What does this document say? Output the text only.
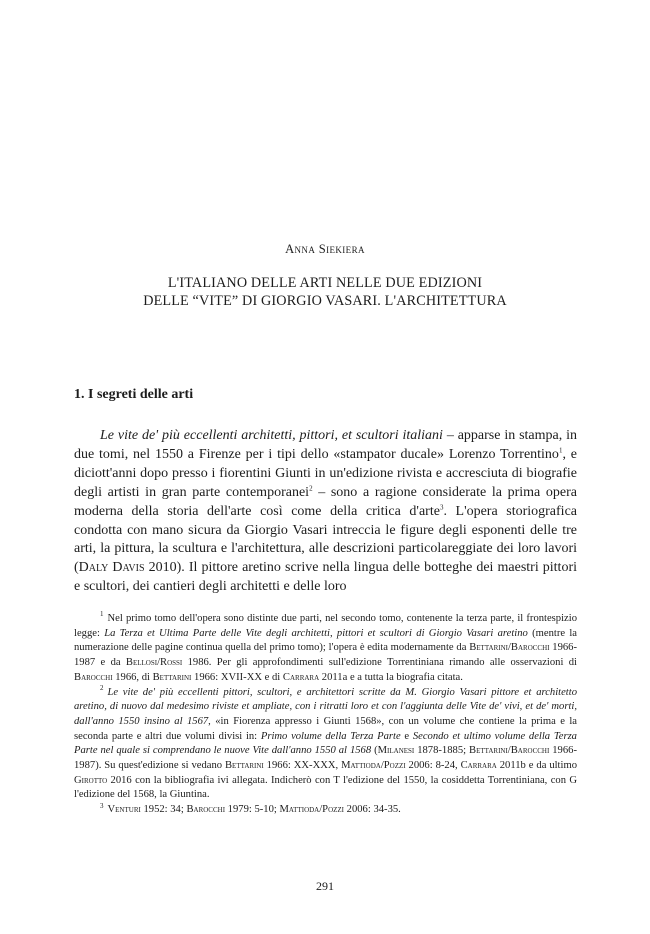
Anna Siekiera
L'ITALIANO DELLE ARTI NELLE DUE EDIZIONI
DELLE “VITE” DI GIORGIO VASARI. L'ARCHITETTURA
1. I segreti delle arti

Le vite de' più eccellenti architetti, pittori, et scultori italiani – apparse in stampa, in due tomi, nel 1550 a Firenze per i tipi dello «stampator ducale» Lorenzo Torrentino$^1$, e diciott'anni dopo presso i fiorentini Giunti in un'edizione rivista e accresciuta di biografie degli artisti in gran parte contemporanei$^2$ – sono a ragione considerate la prima opera moderna della storia dell'arte così come della critica d'arte$^3$. L'opera storiografica condotta con mano sicura da Giorgio Vasari intreccia le figure degli esponenti delle tre arti, la pittura, la scultura e l'architettura, alle descrizioni particolareggiate dei loro lavori (Daly Davis 2010). Il pittore aretino scrive nella lingua delle botteghe dei maestri pittori e scultori, dei cantieri degli architetti e delle loro

$^1$ Nel primo tomo dell'opera sono distinte due parti, nel secondo tomo, contenente la terza parte, il frontespizio legge: La Terza et Ultima Parte delle Vite degli architetti, pittori et scultori di Giorgio Vasari aretino (mentre la numerazione delle pagine continua quella del primo tomo); l'opera è edita modernamente da Bettarini/Barocchi 1966-1987 e da Bellosi/Rossi 1986. Per gli approfondimenti sull'edizione Torrentiniana rimando alle osservazioni di Barocchi 1966, di Bettarini 1966: XVII-XX e di Carrara 2011a e a tutta la biografia citata.

$^2$ Le vite de' più eccellenti pittori, scultori, e architettori scritte da M. Giorgio Vasari pittore et architetto aretino, di nuovo dal medesimo riviste et ampliate, con i ritratti loro et con l'aggiunta delle Vite de' vivi, et de' morti, dall'anno 1550 insino al 1567, «in Fiorenza appresso i Giunti 1568», con un volume che contiene la prima e la seconda parte e altri due volumi divisi in: Primo volume della Terza Parte e Secondo et ultimo volume della Terza Parte nel quale si comprendano le nuove Vite dall'anno 1550 al 1568 (Milanesi 1878-1885; Bettarini/Barocchi 1966-1987). Su quest'edizione si vedano Bettarini 1966: XX-XXX, Mattioda/Pozzi 2006: 8-24, Carrara 2011b e da ultimo Girotto 2016 con la bibliografia ivi allegata. Indicherò con T l'edizione del 1550, la cosiddetta Torrentiniana, con G l'edizione del 1568, la Giuntina.

$^3$ Venturi 1952: 34; Barocchi 1979: 5-10; Mattioda/Pozzi 2006: 34-35.

291
